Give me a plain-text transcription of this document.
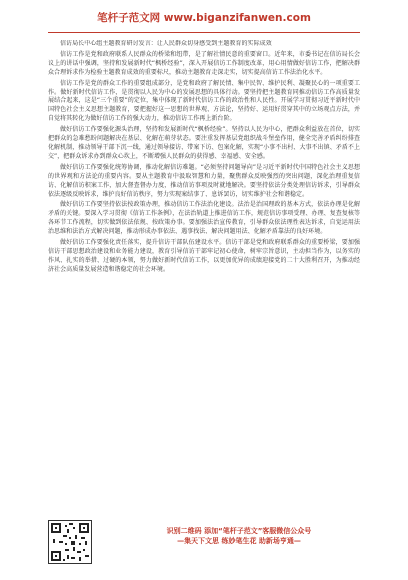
笔杆子范文网 www.biganzifanwen.com

信访局长中心组主题教育研讨发言：让人民群众切身感受到主题教育的实际成效

信访工作是党和政府联系人民群众的桥梁和纽带，是了解社情民意的重要窗口。近年来，市委书记在信访局长会议上的讲话中强调，坚持和发展新时代“枫桥经验”，深入开展信访工作制度改革，用心用情做好信访工作，把解决群众合理诉求作为检验主题教育成效的重要标尺，推动主题教育走深走实，切实提高信访工作法治化水平。

信访工作是党的群众工作的重要组成部分，是党和政府了解民情、集中民智、维护民利、凝聚民心的一项重要工作。做好新时代信访工作，是贯彻以人民为中心的发展思想的具体行动。要坚持把主题教育同推动信访工作高质量发展结合起来，这是“三个重要”的定位，集中体现了新时代信访工作的政治性和人民性。开展学习贯彻习近平新时代中国特色社会主义思想主题教育，要把握好这一思想的世界观、方法论，坚持好、运用好贯穿其中的立场观点方法，并自觉将其转化为做好信访工作的强大动力，推动信访工作再上新台阶。

做好信访工作要强化源头治理，坚持和发展新时代“枫桥经验”。坚持以人民为中心，把群众利益放在首位，切实把群众的急难愁盼问题解决在基层、化解在萌芽状态。要注重发挥基层党组织战斗堡垒作用，健全完善矛盾纠纷排查化解机制，推动领导干部下沉一线，通过领导接访、带案下访、包案化解，实现“小事不出村、大事不出镇、矛盾不上交”，把群众诉求办到群众心坎上，不断增强人民群众的获得感、幸福感、安全感。

做好信访工作要强化统筹协调，推动化解信访难题。“必须坚持问题导向”是习近平新时代中国特色社会主义思想的世界观和方法论的重要内容。要从主题教育中汲取智慧和力量，聚焦群众反映强烈的突出问题，深化治理重复信访、化解信访积案工作，加大督查督办力度，推动信访事项及时就地解决。要坚持依法分类处理信访诉求，引导群众依法逐级反映诉求，维护良好信访秩序，努力实现案结事了、息诉罢访，切实维护社会和谐稳定。

做好信访工作要坚持依法按政策办理，推动信访工作法治化建设。法治是治国理政的基本方式，依法办理是化解矛盾的关键。要深入学习贯彻《信访工作条例》，在法治轨道上推进信访工作，规范信访事项受理、办理、复查复核等各环节工作流程，切实做到依法依规、按政策办事。要加强法治宣传教育，引导群众依法理性表达诉求，自觉运用法治思维和法治方式解决问题，推动形成办事依法、遇事找法、解决问题用法、化解矛盾靠法的良好环境。

做好信访工作要强化责任落实，提升信访干部队伍建设水平。信访干部是党和政府联系群众的重要桥梁，要加强信访干部思想政治建设和业务能力建设，教育引导信访干部牢记初心使命，树牢宗旨意识，主动担当作为，以务实的作风、扎实的举措、过硬的本领，努力做好新时代信访工作，以更加优异的成绩迎接党的二十大胜利召开，为推动经济社会高质量发展营造和谐稳定的社会环境。

识别二维码 添加“笔杆子范文”客服微信公众号
—集天下文思 练妙笔生花 助新场亨通—
